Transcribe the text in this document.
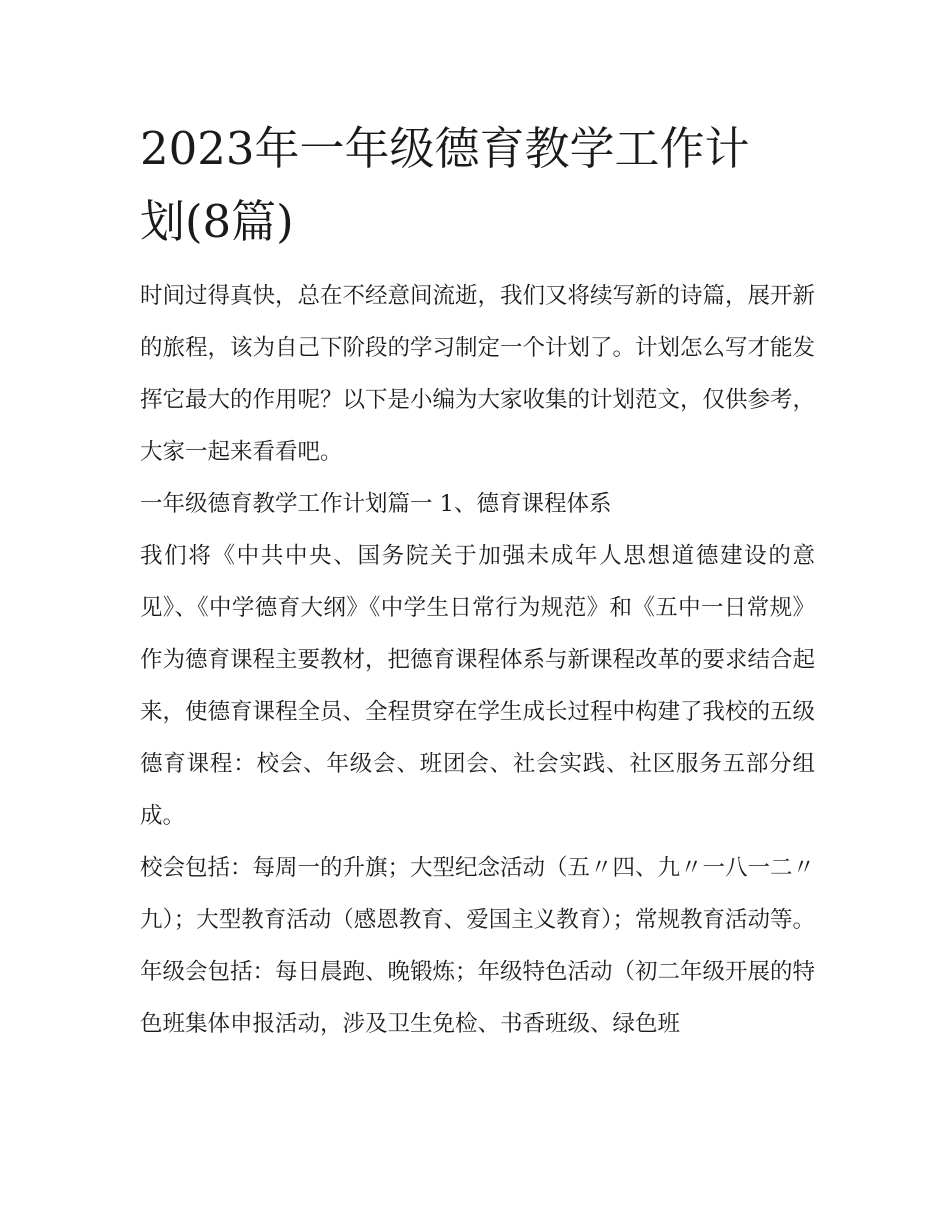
2023年一年级德育教学工作计
划(8篇)

时间过得真快，总在不经意间流逝，我们又将续写新的诗篇，展开新的旅程，该为自己下阶段的学习制定一个计划了。计划怎么写才能发挥它最大的作用呢？以下是小编为大家收集的计划范文，仅供参考，大家一起来看看吧。

一年级德育教学工作计划篇一 1、德育课程体系

我们将《中共中央、国务院关于加强未成年人思想道德建设的意见》、《中学德育大纲》《中学生日常行为规范》和《五中一日常规》作为德育课程主要教材，把德育课程体系与新课程改革的要求结合起来，使德育课程全员、全程贯穿在学生成长过程中构建了我校的五级德育课程：校会、年级会、班团会、社会实践、社区服务五部分组成。

校会包括：每周一的升旗；大型纪念活动（五〃四、九〃一八一二〃九）；大型教育活动（感恩教育、爱国主义教育）；常规教育活动等。

年级会包括：每日晨跑、晚锻炼；年级特色活动（初二年级开展的特色班集体申报活动，涉及卫生免检、书香班级、绿色班
